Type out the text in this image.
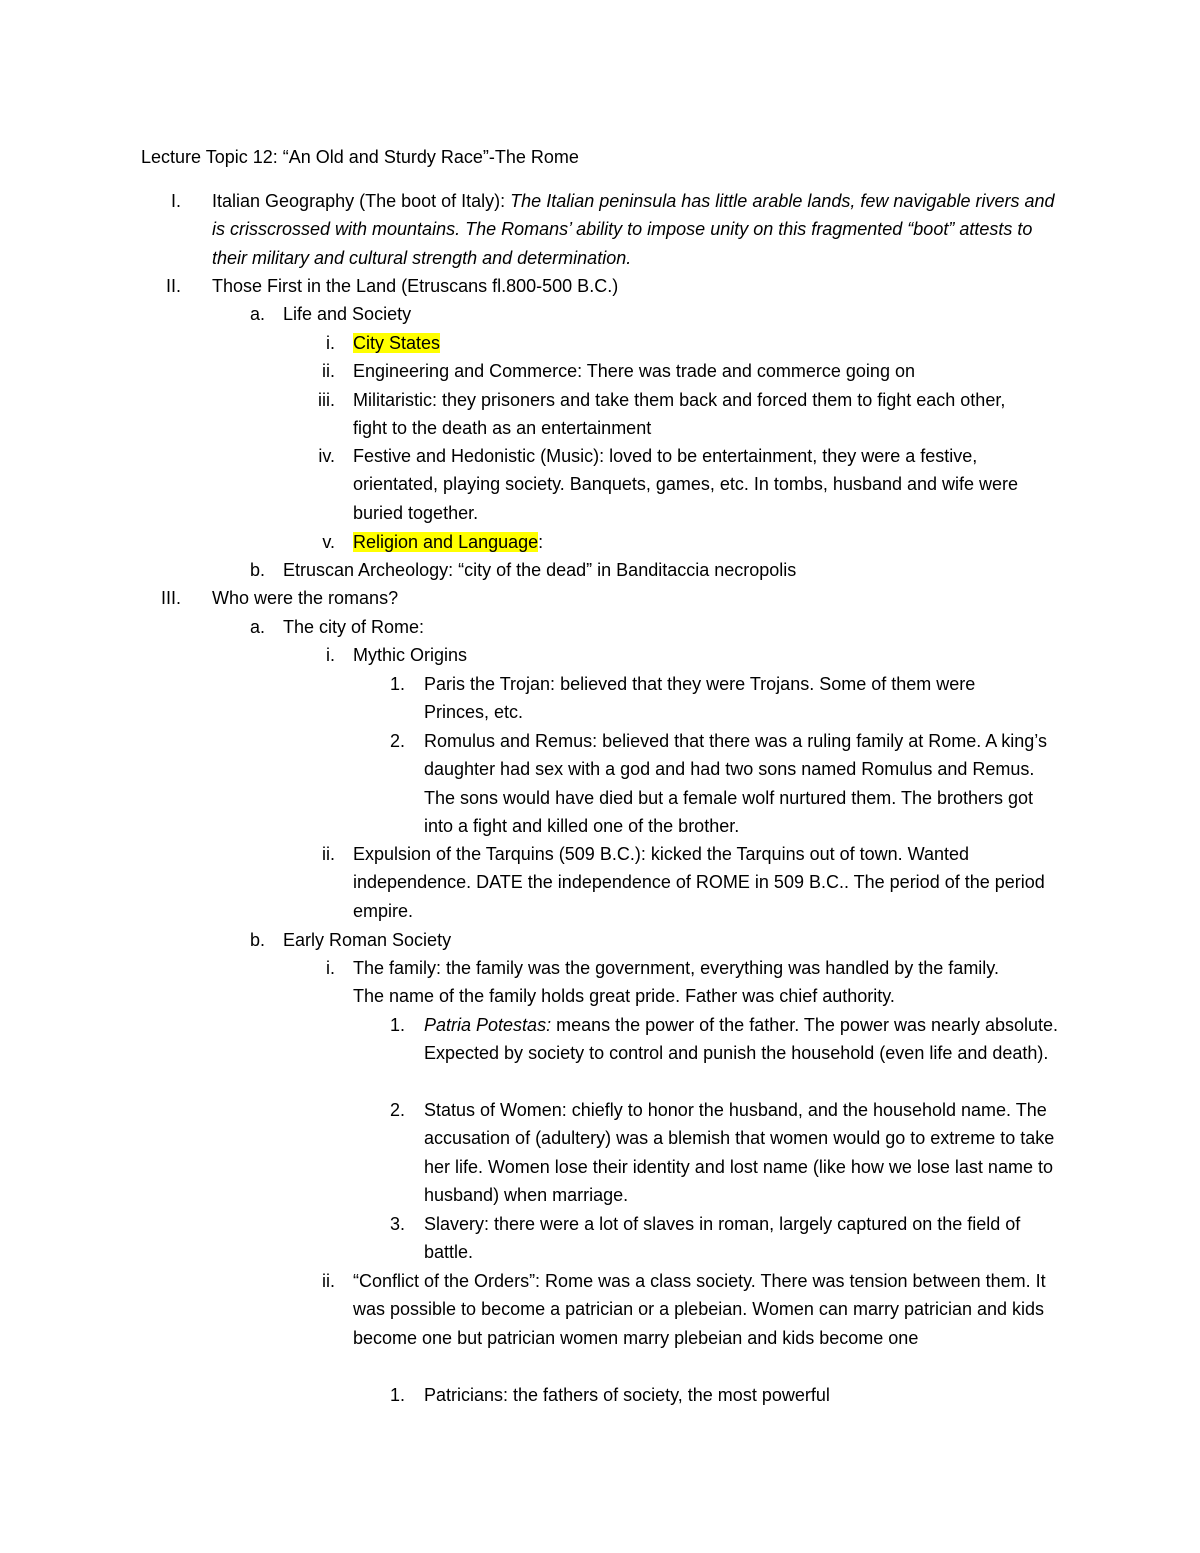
Lecture Topic 12: “An Old and Sturdy Race”-The Rome
I. Italian Geography (The boot of Italy): The Italian peninsula has little arable lands, few navigable rivers and is crisscrossed with mountains. The Romans’ ability to impose unity on this fragmented “boot” attests to their military and cultural strength and determination.
II. Those First in the Land (Etruscans fl.800-500 B.C.)
a. Life and Society
i. City States
ii. Engineering and Commerce: There was trade and commerce going on
iii. Militaristic: they prisoners and take them back and forced them to fight each other, fight to the death as an entertainment
iv. Festive and Hedonistic (Music): loved to be entertainment, they were a festive, orientated, playing society. Banquets, games, etc. In tombs, husband and wife were buried together.
v. Religion and Language:
b. Etruscan Archeology: “city of the dead” in Banditaccia necropolis
III. Who were the romans?
a. The city of Rome:
i. Mythic Origins
1. Paris the Trojan: believed that they were Trojans. Some of them were Princes, etc.
2. Romulus and Remus: believed that there was a ruling family at Rome. A king’s daughter had sex with a god and had two sons named Romulus and Remus. The sons would have died but a female wolf nurtured them. The brothers got into a fight and killed one of the brother.
ii. Expulsion of the Tarquins (509 B.C.): kicked the Tarquins out of town. Wanted independence. DATE the independence of ROME in 509 B.C.. The period of the period empire.
b. Early Roman Society
i. The family: the family was the government, everything was handled by the family. The name of the family holds great pride. Father was chief authority.
1. Patria Potestas: means the power of the father. The power was nearly absolute. Expected by society to control and punish the household (even life and death).
2. Status of Women: chiefly to honor the husband, and the household name. The accusation of (adultery) was a blemish that women would go to extreme to take her life. Women lose their identity and lost name (like how we lose last name to husband) when marriage.
3. Slavery: there were a lot of slaves in roman, largely captured on the field of battle.
ii. “Conflict of the Orders”: Rome was a class society. There was tension between them. It was possible to become a patrician or a plebeian. Women can marry patrician and kids become one but patrician women marry plebeian and kids become one
1. Patricians: the fathers of society, the most powerful
